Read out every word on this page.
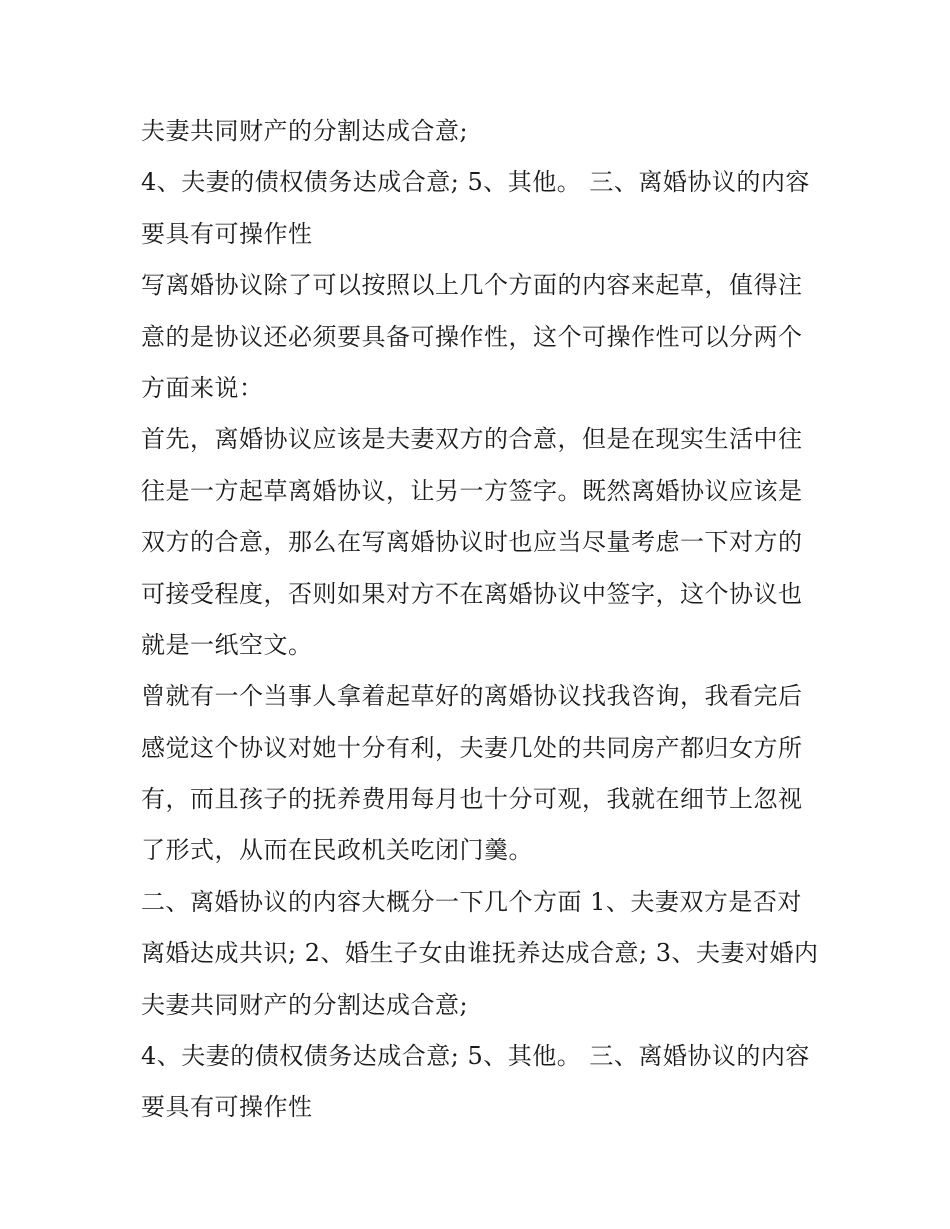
夫妻共同财产的分割达成合意;
4、夫妻的债权债务达成合意; 5、其他。 三、离婚协议的内容
要具有可操作性
写离婚协议除了可以按照以上几个方面的内容来起草，值得注
意的是协议还必须要具备可操作性，这个可操作性可以分两个
方面来说：
首先，离婚协议应该是夫妻双方的合意，但是在现实生活中往
往是一方起草离婚协议，让另一方签字。既然离婚协议应该是
双方的合意，那么在写离婚协议时也应当尽量考虑一下对方的
可接受程度，否则如果对方不在离婚协议中签字，这个协议也
就是一纸空文。
曾就有一个当事人拿着起草好的离婚协议找我咨询，我看完后
感觉这个协议对她十分有利，夫妻几处的共同房产都归女方所
有，而且孩子的抚养费用每月也十分可观，我就在细节上忽视
了形式，从而在民政机关吃闭门羹。
二、离婚协议的内容大概分一下几个方面 1、夫妻双方是否对
离婚达成共识; 2、婚生子女由谁抚养达成合意; 3、夫妻对婚内
夫妻共同财产的分割达成合意;
4、夫妻的债权债务达成合意; 5、其他。 三、离婚协议的内容
要具有可操作性
